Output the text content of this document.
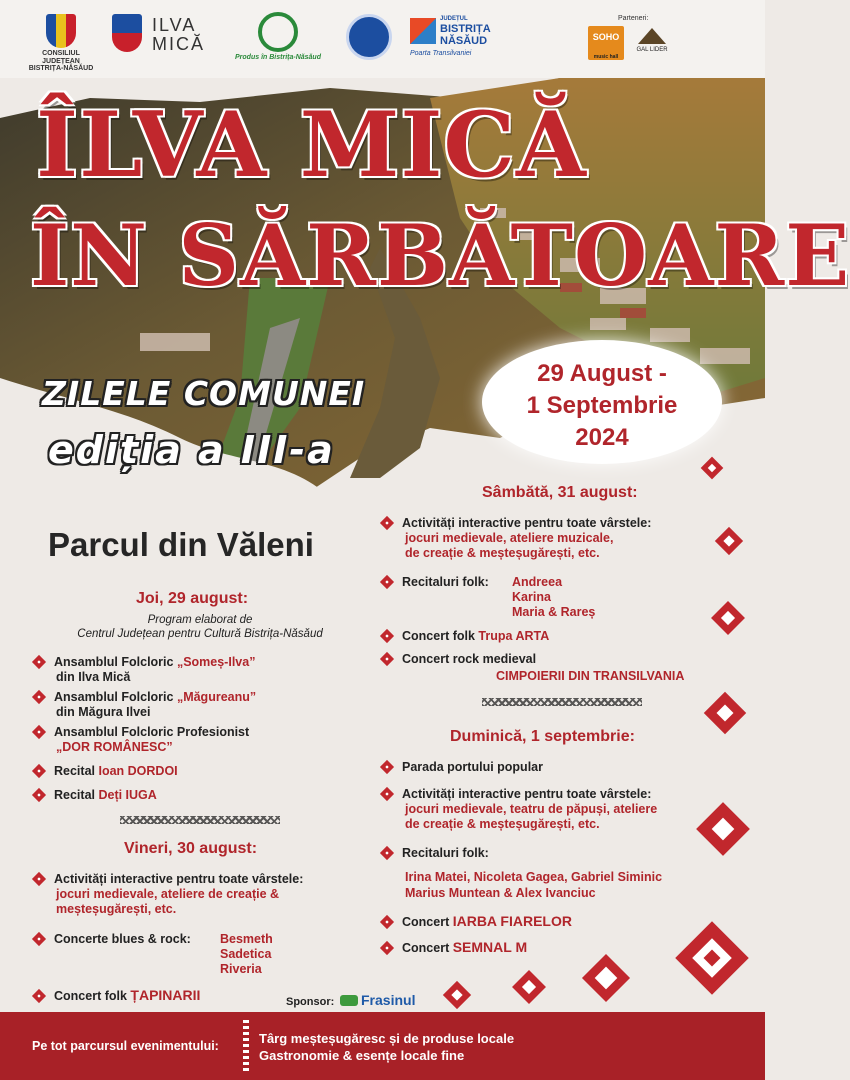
CONSILIUL JUDEȚEAN BISTRIȚA-NĂSĂUD
ILVA MICĂ
Produs în Bistrița-Năsăud
JUDEȚUL
BISTRIȚA NĂSĂUD
Poarta Transilvaniei
Parteneri:
SOHO
music hall
GAL LIDER
ÎLVA MICĂ
ÎN SĂRBĂTOARE
ZILELE COMUNEI
ediția a III-a
29 August -
1 Septembrie
2024
Parcul din Văleni
Joi, 29 august:
Program elaborat de
Centrul Județean pentru Cultură Bistrița-Năsăud
Ansamblul Folcloric „Someș-Ilva”
din Ilva Mică
Ansamblul Folcloric „Măgureanu”
din Măgura Ilvei
Ansamblul Folcloric Profesionist
„DOR ROMÂNESC”
Recital Ioan DORDOI
Recital Deți IUGA
Vineri, 30 august:
Activități interactive pentru toate vârstele:
jocuri medievale, ateliere de creație &
meșteșugărești, etc.
Concerte blues & rock: Besmeth
Sadetica
Riveria
Concert folk ȚAPINARII
Sâmbătă, 31 august:
Activități interactive pentru toate vârstele:
jocuri medievale, ateliere muzicale,
de creație & meșteșugărești, etc.
Recitaluri folk: Andreea
Karina
Maria & Rareș
Concert folk Trupa ARTA
Concert rock medieval
CIMPOIERII DIN TRANSILVANIA
Duminică, 1 septembrie:
Parada portului popular
Activități interactive pentru toate vârstele:
jocuri medievale, teatru de păpuși, ateliere
de creație & meșteșugărești, etc.
Recitaluri folk:
Irina Matei, Nicoleta Gagea, Gabriel Siminic
Marius Muntean & Alex Ivanciuc
Concert IARBA FIARELOR
Concert SEMNAL M
Sponsor:	Frasinul
Pe tot parcursul evenimentului:	Târg meșteșugăresc și de produse locale
Gastronomie & esențe locale fine
